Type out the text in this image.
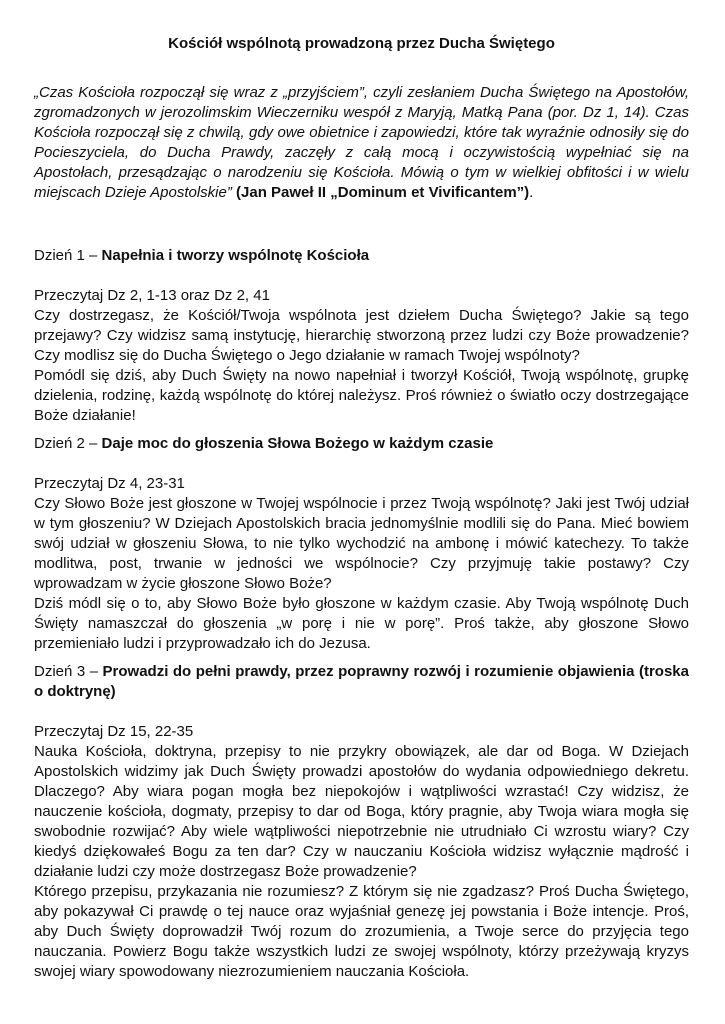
Kościół wspólnotą prowadzoną przez Ducha Świętego

„Czas Kościoła rozpoczął się wraz z „przyjściem”, czyli zesłaniem Ducha Świętego na Apostołów, zgromadzonych w jerozolimskim Wieczerniku wespół z Maryją, Matką Pana (por. Dz 1, 14). Czas Kościoła rozpoczął się z chwilą, gdy owe obietnice i zapowiedzi, które tak wyraźnie odnosiły się do Pocieszyciela, do Ducha Prawdy, zaczęły z całą mocą i oczywistością wypełniać się na Apostołach, przesądzając o narodzeniu się Kościoła. Mówią o tym w wielkiej obfitości i w wielu miejscach Dzieje Apostolskie” (Jan Paweł II „Dominum et Vivificantem”).

Dzień 1 – Napełnia i tworzy wspólnotę Kościoła

Przeczytaj Dz 2, 1-13 oraz Dz 2, 41

Czy dostrzegasz, że Kościół/Twoja wspólnota jest dziełem Ducha Świętego? Jakie są tego przejawy? Czy widzisz samą instytucję, hierarchię stworzoną przez ludzi czy Boże prowadzenie? Czy modlisz się do Ducha Świętego o Jego działanie w ramach Twojej wspólnoty?

Pomódl się dziś, aby Duch Święty na nowo napełniał i tworzył Kościół, Twoją wspólnotę, grupkę dzielenia, rodzinę, każdą wspólnotę do której należysz. Proś również o światło oczy dostrzegające Boże działanie!

Dzień 2 – Daje moc do głoszenia Słowa Bożego w każdym czasie

Przeczytaj Dz 4, 23-31

Czy Słowo Boże jest głoszone w Twojej wspólnocie i przez Twoją wspólnotę? Jaki jest Twój udział w tym głoszeniu? W Dziejach Apostolskich bracia jednomyślnie modlili się do Pana. Mieć bowiem swój udział w głoszeniu Słowa, to nie tylko wychodzić na ambonę i mówić katechezy. To także modlitwa, post, trwanie w jedności we wspólnocie? Czy przyjmuję takie postawy? Czy wprowadzam w życie głoszone Słowo Boże?

Dziś módl się o to, aby Słowo Boże było głoszone w każdym czasie. Aby Twoją wspólnotę Duch Święty namaszczał do głoszenia „w porę i nie w porę”. Proś także, aby głoszone Słowo przemieniało ludzi i przyprowadzało ich do Jezusa.

Dzień 3 – Prowadzi do pełni prawdy, przez poprawny rozwój i rozumienie objawienia (troska o doktrynę)

Przeczytaj Dz 15, 22-35

Nauka Kościoła, doktryna, przepisy to nie przykry obowiązek, ale dar od Boga. W Dziejach Apostolskich widzimy jak Duch Święty prowadzi apostołów do wydania odpowiedniego dekretu. Dlaczego? Aby wiara pogan mogła bez niepokojów i wątpliwości wzrastać! Czy widzisz, że nauczenie kościoła, dogmaty, przepisy to dar od Boga, który pragnie, aby Twoja wiara mogła się swobodnie rozwijać? Aby wiele wątpliwości niepotrzebnie nie utrudniało Ci wzrostu wiary? Czy kiedyś dziękowałeś Bogu za ten dar? Czy w nauczaniu Kościoła widzisz wyłącznie mądrość i działanie ludzi czy może dostrzegasz Boże prowadzenie?

Którego przepisu, przykazania nie rozumiesz? Z którym się nie zgadzasz? Proś Ducha Świętego, aby pokazywał Ci prawdę o tej nauce oraz wyjaśniał genezę jej powstania i Boże intencje. Proś, aby Duch Święty doprowadził Twój rozum do zrozumienia, a Twoje serce do przyjęcia tego nauczania. Powierz Bogu także wszystkich ludzi ze swojej wspólnoty, którzy przeżywają kryzys swojej wiary spowodowany niezrozumieniem nauczania Kościoła.
